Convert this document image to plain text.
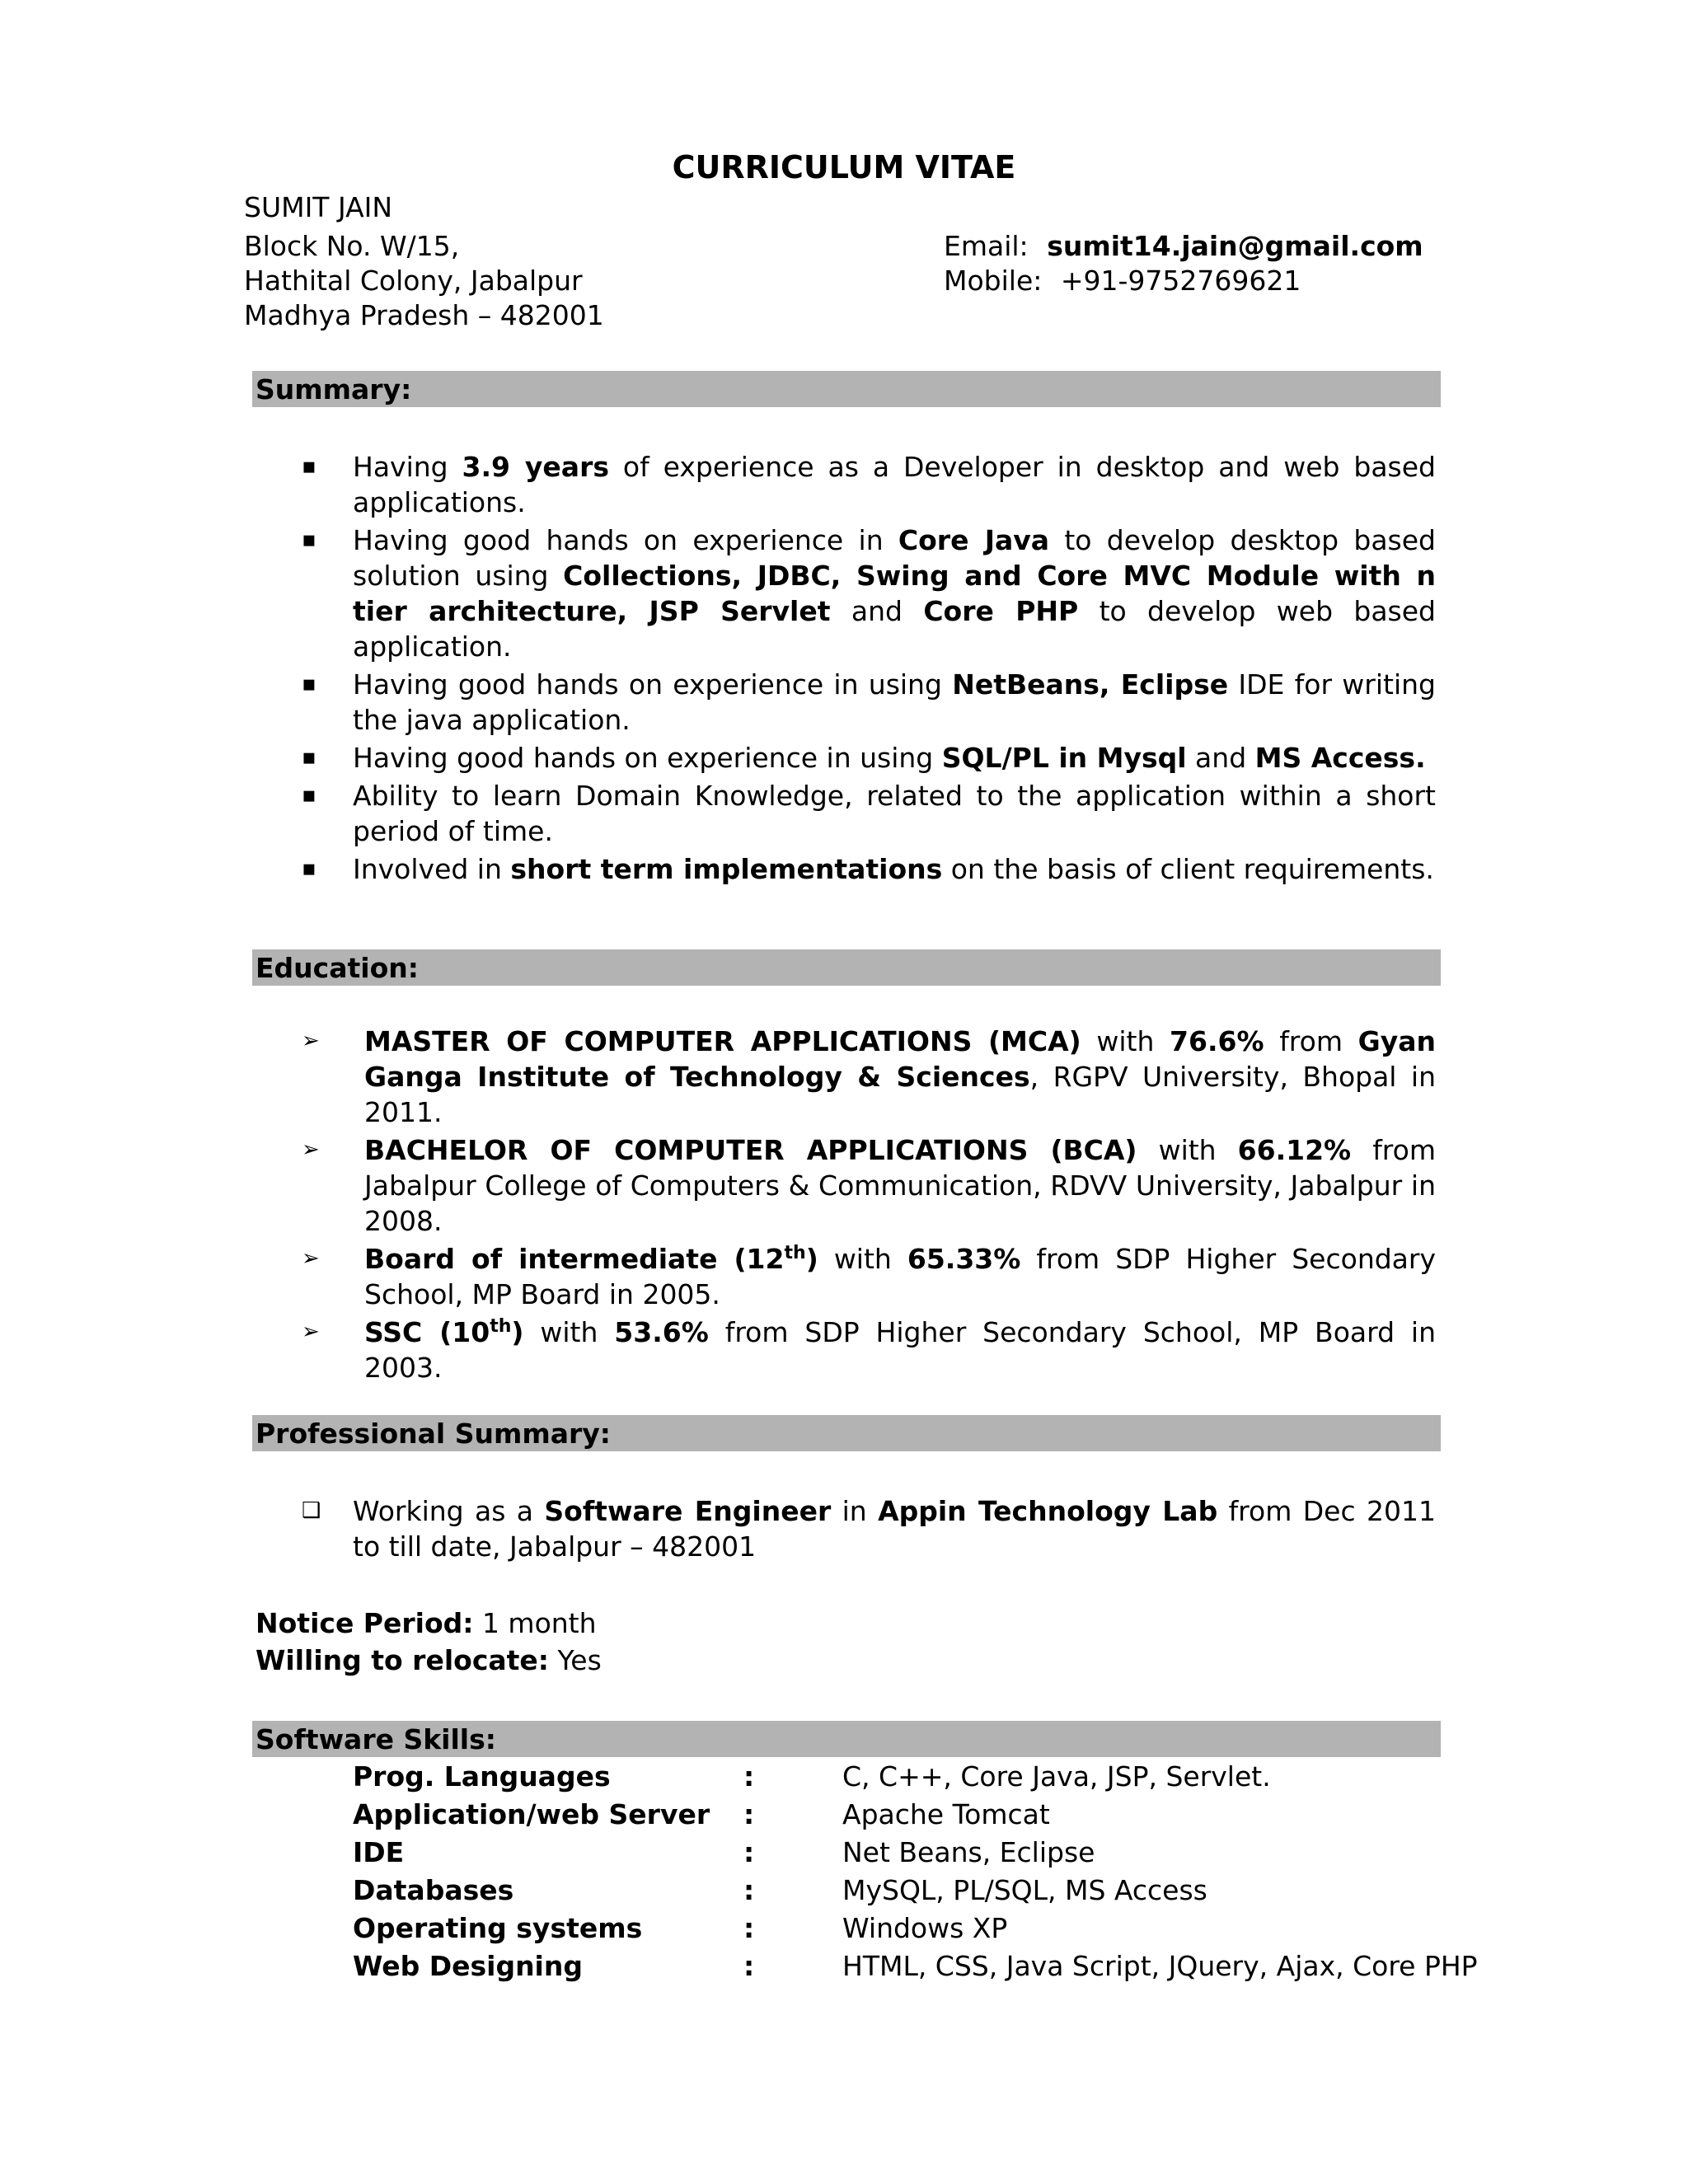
CURRICULUM VITAE
SUMIT JAIN
Block No. W/15,
Hathital Colony, Jabalpur
Madhya Pradesh – 482001
Email: sumit14.jain@gmail.com
Mobile: +91-9752769621
Summary:
▪ Having 3.9 years of experience as a Developer in desktop and web based applications.
▪ Having good hands on experience in Core Java to develop desktop based solution using Collections, JDBC, Swing and Core MVC Module with n tier architecture, JSP Servlet and Core PHP to develop web based application.
▪ Having good hands on experience in using NetBeans, Eclipse IDE for writing the java application.
▪ Having good hands on experience in using SQL/PL in Mysql and MS Access.
▪ Ability to learn Domain Knowledge, related to the application within a short period of time.
▪ Involved in short term implementations on the basis of client requirements.
Education:
➢ MASTER OF COMPUTER APPLICATIONS (MCA) with 76.6% from Gyan Ganga Institute of Technology & Sciences, RGPV University, Bhopal in 2011.
➢ BACHELOR OF COMPUTER APPLICATIONS (BCA) with 66.12% from Jabalpur College of Computers & Communication, RDVV University, Jabalpur in 2008.
➢ Board of intermediate (12th) with 65.33% from SDP Higher Secondary School, MP Board in 2005.
➢ SSC (10th) with 53.6% from SDP Higher Secondary School, MP Board in 2003.
Professional Summary:
❑ Working as a Software Engineer in Appin Technology Lab from Dec 2011 to till date, Jabalpur – 482001
Notice Period: 1 month
Willing to relocate: Yes
Software Skills:
Prog. Languages	:	C, C++, Core Java, JSP, Servlet.
Application/web Server :	Apache Tomcat
IDE	:	Net Beans, Eclipse
Databases	:	MySQL, PL/SQL, MS Access
Operating systems	:	Windows XP
Web Designing	:	HTML, CSS, Java Script, JQuery, Ajax, Core PHP
